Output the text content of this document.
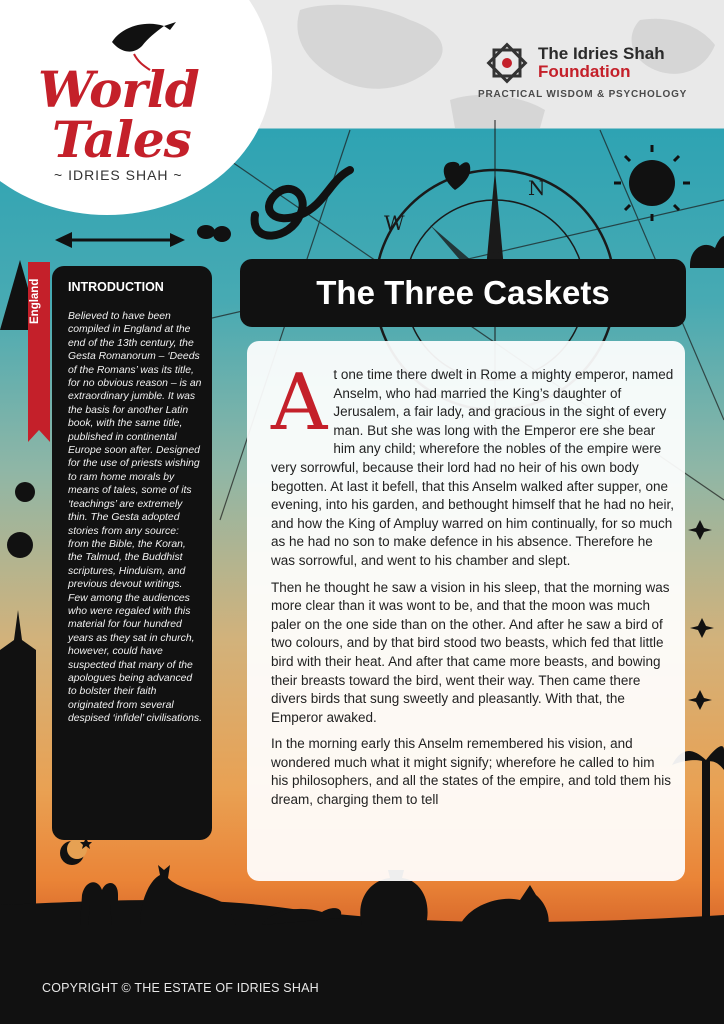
N
W
World
Tales
~ IDRIES SHAH ~
The Idries Shah
Foundation
PRACTICAL WISDOM & PSYCHOLOGY
England	INTRODUCTION
Believed to have been compiled in England at the end of the 13th century, the Gesta Romanorum – ‘Deeds of the Romans’ was its title, for no obvious reason – is an extraordinary jumble. It was the basis for another Latin book, with the same title, published in continental Europe soon after. Designed for the use of priests wishing to ram home morals by means of tales, some of its ‘teachings’ are extremely thin. The Gesta adopted stories from any source: from the Bible, the Koran, the Talmud, the Buddhist scriptures, Hinduism, and previous devout writings. Few among the audiences who were regaled with this material for four hundred years as they sat in church, however, could have suspected that many of the apologues being advanced to bolster their faith originated from several despised ‘infidel’ civilisations.
The Three Caskets

At one time there dwelt in Rome a mighty emperor, named Anselm, who had married the King’s daughter of Jerusalem, a fair lady, and gracious in the sight of every man. But she was long with the Emperor ere she bear him any child; wherefore the nobles of the empire were very sorrowful, because their lord had no heir of his own body begotten. At last it befell, that this Anselm walked after supper, one evening, into his garden, and bethought himself that he had no heir, and how the King of Ampluy warred on him continually, for so much as he had no son to make defence in his absence. Therefore he was sorrowful, and went to his chamber and slept.

Then he thought he saw a vision in his sleep, that the morning was more clear than it was wont to be, and that the moon was much paler on the one side than on the other. And after he saw a bird of two colours, and by that bird stood two beasts, which fed that little bird with their heat. And after that came more beasts, and bowing their breasts toward the bird, went their way. Then came there divers birds that sung sweetly and pleasantly. With that, the Emperor awaked.

In the morning early this Anselm remembered his vision, and wondered much what it might signify; wherefore he called to him his philosophers, and all the states of the empire, and told them his dream, charging them to tell

COPYRIGHT © THE ESTATE OF IDRIES SHAH
